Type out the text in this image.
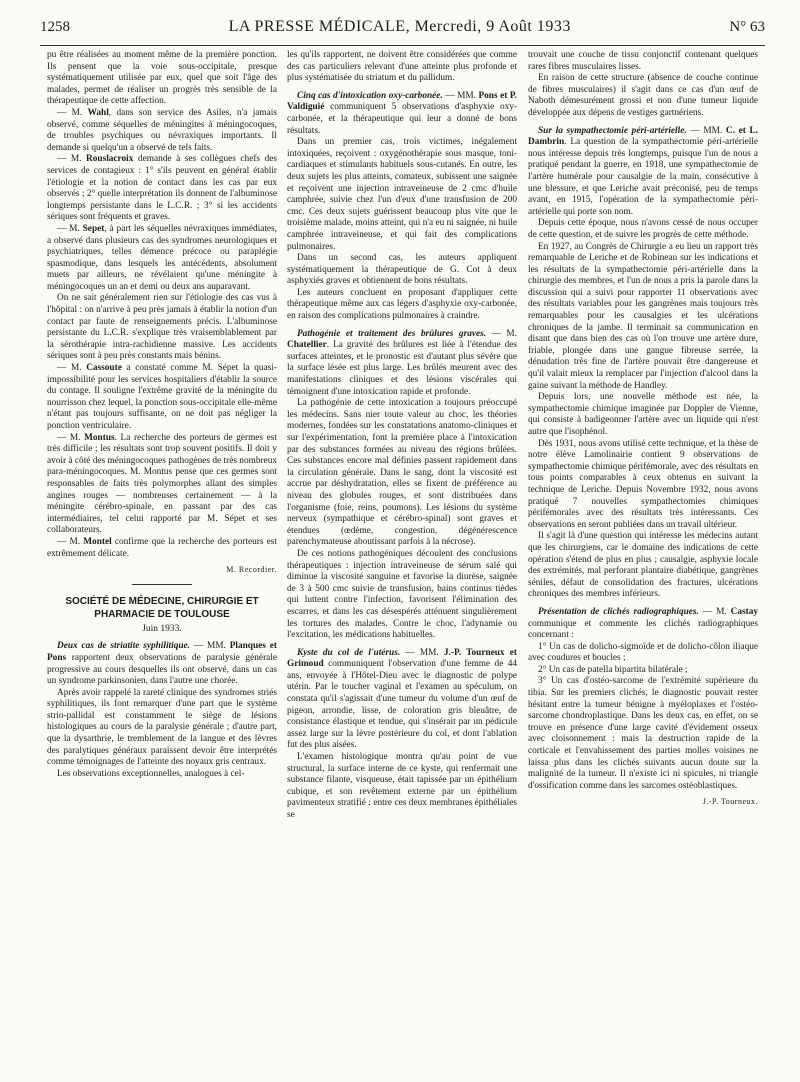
1258	LA PRESSE MÉDICALE, Mercredi, 9 Août 1933	N° 63

pu être réalisées au moment même de la première ponction. Ils pensent que la voie sous-occipitale, presque systématiquement utilisée par eux, quel que soit l'âge des malades, permet de réaliser un progrès très sensible de la thérapeutique de cette affection.

— M. Wahl, dans son service des Asiles, n'a jamais observé, comme séquelles de méningites à méningocoques, de troubles psychiques ou névraxiques importants. Il demande si quelqu'un a observé de tels faits.

— M. Rouslacroix demande à ses collègues chefs des services de contagieux : 1° s'ils peuvent en général établir l'étiologie et la notion de contact dans les cas par eux observés ; 2° quelle interprétation ils donnent de l'albuminose longtemps persistante dans le L.C.R. ; 3° si les accidents sériques sont fréquents et graves.

— M. Sepet, à part les séquelles névraxiques immédiates, a observé dans plusieurs cas des syndromes neurologiques et psychiatriques, telles démence précoce ou paraplégie spasmodique, dans lesquels les antécédents, absolument muets par ailleurs, ne révélaient qu'une méningite à méningocoques un an et demi ou deux ans auparavant.

On ne sait généralement rien sur l'étiologie des cas vus à l'hôpital : on n'arrive à peu près jamais à établir la notion d'un contact par faute de renseignements précis. L'albuminose persistante du L.C.R. s'explique très vraisemblablement par la sérothérapie intra-rachidienne massive. Les accidents sériques sont à peu près constants mais bénins.

— M. Cassoute a constaté comme M. Sépet la quasi-impossibilité pour les services hospitaliers d'établir la source du contage. Il souligne l'extrême gravité de la méningite du nourrisson chez lequel, la ponction sous-occipitale elle-même n'étant pas toujours suffisante, on ne doit pas négliger la ponction ventriculaire.

— M. Montus. La recherche des porteurs de germes est très difficile ; les résultats sont trop souvent positifs. Il doit y avoir à côté des méningocoques pathogènes de très nombreux para-méningocoques. M. Montus pense que ces germes sont responsables de faits très polymorphes allant des simples angines rouges — nombreuses certainement — à la méningite cérébro-spinale, en passant par des cas intermédiaires, tel celui rapporté par M. Sépet et ses collaborateurs.

— M. Montel confirme que la recherche des porteurs est extrêmement délicate.

M. Recordier.
SOCIÉTÉ DE MÉDECINE, CHIRURGIE ET PHARMACIE DE TOULOUSE
Juin 1933.

Deux cas de striatite syphilitique. — MM. Planques et Pons rapportent deux observations de paralysie générale progressive au cours desquelles ils ont observé, dans un cas un syndrome parkinsonien, dans l'autre une chorée.

Après avoir rappelé la rareté clinique des syndromes striés syphilitiques, ils font remarquer d'une part que le système strio-pallidal est constamment le siège de lésions histologiques au cours de la paralysie générale ; d'autre part, que la dysarthrie, le tremblement de la langue et des lèvres des paralytiques généraux paraissent devoir être interprétés comme témoignages de l'atteinte des noyaux gris centraux.

Les observations exceptionnelles, analogues à cel-

les qu'ils rapportent, ne doivent être considérées que comme des cas particuliers relevant d'une atteinte plus profonde et plus systématisée du striatum et du pallidum.

Cinq cas d'intoxication oxy-carbonée. — MM. Pons et P. Valdiguié communiquent 5 observations d'asphyxie oxy-carbonée, et la thérapeutique qui leur a donné de bons résultats.

Dans un premier cas, trois victimes, inégalement intoxiquées, reçoivent : oxygénothérapie sous masque, toni-cardiaques et stimulants habituels sous-cutanés. En outre, les deux sujets les plus atteints, comateux, subissent une saignée et reçoivent une injection intraveineuse de 2 cmc d'huile camphrée, suivie chez l'un d'eux d'une transfusion de 200 cmc. Ces deux sujets guérissent beaucoup plus vite que le troisième malade, moins atteint, qui n'a eu ni saignée, ni huile camphrée intraveineuse, et qui fait des complications pulmonaires.

Dans un second cas, les auteurs appliquent systématiquement la thérapeutique de G. Cot à deux asphyxiés graves et obtiennent de bons résultats.

Les auteurs concluent en proposant d'appliquer cette thérapeutique même aux cas légers d'asphyxie oxy-carbonée, en raison des complications pulmonaires à craindre.

Pathogénie et traitement des brûlures graves. — M. Chatellier. La gravité des brûlures est liée à l'étendue des surfaces atteintes, et le pronostic est d'autant plus sévère que la surface lésée est plus large. Les brûlés meurent avec des manifestations cliniques et des lésions viscérales qui témoignent d'une intoxication rapide et profonde.

La pathogénie de cette intoxication a toujours préoccupé les médecins. Sans nier toute valeur au choc, les théories modernes, fondées sur les constatations anatomo-cliniques et sur l'expérimentation, font la première place à l'intoxication par des substances formées au niveau des régions brûlées. Ces substances encore mal définies passent rapidement dans la circulation générale. Dans le sang, dont la viscosité est accrue par déshydratation, elles se fixent de préférence au niveau des globules rouges, et sont distribuées dans l'organisme (foie, reins, poumons). Les lésions du système nerveux (sympathique et cérébro-spinal) sont graves et étendues (œdème, congestion, dégénérescence parenchymateuse aboutissant parfois à la nécrose).

De ces notions pathogéniques découlent des conclusions thérapeutiques : injection intraveineuse de sérum salé qui diminue la viscosité sanguine et favorise la diurèse, saignée de 3 à 500 cmc suivie de transfusion, bains continus tièdes qui luttent contre l'infection, favorisent l'élimination des escarres, et dans les cas désespérés atténuent singulièrement les tortures des malades. Contre le choc, l'adynamie ou l'excitation, les médications habituelles.

Kyste du col de l'utérus. — MM. J.-P. Tourneux et Grimoud communiquent l'observation d'une femme de 44 ans, envoyée à l'Hôtel-Dieu avec le diagnostic de polype utérin. Par le toucher vaginal et l'examen au spéculum, on constata qu'il s'agissait d'une tumeur du volume d'un œuf de pigeon, arrondie, lisse, de coloration gris bleuâtre, de consistance élastique et tendue, qui s'insérait par un pédicule assez large sur la lèvre postérieure du col, et dont l'ablation fut des plus aisées.

L'examen histologique montra qu'au point de vue structural, la surface interne de ce kyste, qui renfermait une substance filante, visqueuse, était tapissée par un épithélium cubique, et son revêtement externe par un épithélium pavimenteux stratifié : entre ces deux membranes épithéliales se

trouvait une couche de tissu conjonctif contenant quelques rares fibres musculaires lisses.

En raison de cette structure (absence de couche continue de fibres musculaires) il s'agit dans ce cas d'un œuf de Naboth démesurément grossi et non d'une tumeur liquide développée aux dépens de vestiges gartnériens.

Sur la sympathectomie péri-artérielle. — MM. C. et L. Dambrin. La question de la sympathectomie péri-artérielle nous intéresse depuis très longtemps, puisque l'un de nous a pratiqué pendant la guerre, en 1918, une sympathectomie de l'artère humérale pour causalgie de la main, consécutive à une blessure, et que Leriche avait préconisé, peu de temps avant, en 1915, l'opération de la sympathectomie péri-artérielle qui porte son nom.

Depuis cette époque, nous n'avons cessé de nous occuper de cette question, et de suivre les progrès de cette méthode.

En 1927, au Congrès de Chirurgie a eu lieu un rapport très remarquable de Leriche et de Robineau sur les indications et les résultats de la sympathectomie péri-artérielle dans la chirurgie des membres, et l'un de nous a pris la parole dans la discussion qui a suivi pour rapporter 11 observations avec des résultats variables pour les gangrènes mais toujours très remarquables pour les causalgies et les ulcérations chroniques de la jambe. Il terminait sa communication en disant que dans bien des cas où l'on trouve une artère dure, friable, plongée dans une gangue fibreuse serrée, la dénudation très fine de l'artère pouvait être dangereuse et qu'il valait mieux la remplacer par l'injection d'alcool dans la gaine suivant la méthode de Handley.

Depuis lors, une nouvelle méthode est née, la sympathectomie chimique imaginée par Doppler de Vienne, qui consiste à badigeonner l'artère avec un liquide qui n'est autre que l'isophénol.

Dès 1931, nous avons utilisé cette technique, et la thèse de notre élève Lamolinairie contient 9 observations de sympathectomie chimique périfémorale, avec des résultats en tous points comparables à ceux obtenus en suivant la technique de Leriche. Depuis Novembre 1932, nous avons pratiqué 7 nouvelles sympathectomies chimiques périfémorales avec des résultats très intéressants. Ces observations en seront publiées dans un travail ultérieur.

Il s'agit là d'une question qui intéresse les médecins autant que les chirurgiens, car le domaine des indications de cette opération s'étend de plus en plus ; causalgie, asphyxie locale des extrémités, mal perforant plantaire diabétique, gangrènes séniles, défaut de consolidation des fractures, ulcérations chroniques des membres inférieurs.

Présentation de clichés radiographiques. — M. Castay communique et commente les clichés radiographiques concernant :

1° Un cas de dolicho-sigmoïde et de dolicho-côlon iliaque avec coudures et boucles ;

2° Un cas de patella bipartita bilatérale ;

3° Un cas d'ostéo-sarcome de l'extrémité supérieure du tibia. Sur les premiers clichés, le diagnostic pouvait rester hésitant entre la tumeur bénigne à myéloplaxes et l'ostéo-sarcome chondroplastique. Dans les deux cas, en effet, on se trouve en présence d'une large cavité d'évidement osseux avec cloisonnement : mais la destruction rapide de la corticale et l'envahissement des parties molles voisines ne laissa plus dans les clichés suivants aucun doute sur la malignité de la tumeur. Il n'existe ici ni spicules, ni triangle d'ossification comme dans les sarcomes ostéoblastiques.

J.-P. Tourneux.
